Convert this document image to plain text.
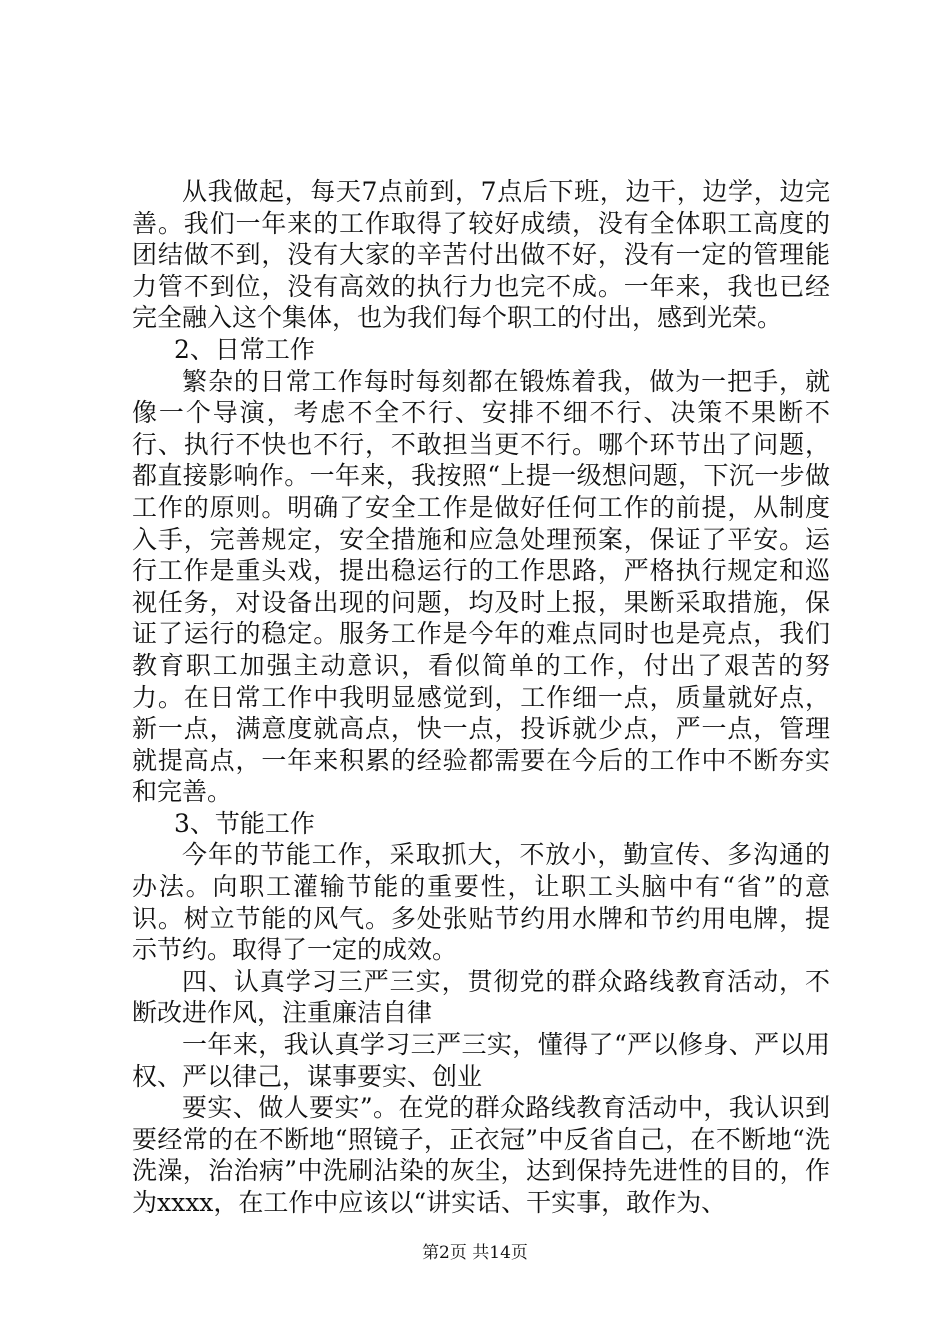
从我做起，每天7点前到，7点后下班，边干，边学，边完善。我们一年来的工作取得了较好成绩，没有全体职工高度的团结做不到，没有大家的辛苦付出做不好，没有一定的管理能力管不到位，没有高效的执行力也完不成。一年来，我也已经完全融入这个集体，也为我们每个职工的付出，感到光荣。

2、日常工作

繁杂的日常工作每时每刻都在锻炼着我，做为一把手，就像一个导演，考虑不全不行、安排不细不行、决策不果断不行、执行不快也不行，不敢担当更不行。哪个环节出了问题，都直接影响作。一年来，我按照“上提一级想问题，下沉一步做工作的原则。明确了安全工作是做好任何工作的前提，从制度入手，完善规定，安全措施和应急处理预案，保证了平安。运行工作是重头戏，提出稳运行的工作思路，严格执行规定和巡视任务，对设备出现的问题，均及时上报，果断采取措施，保证了运行的稳定。服务工作是今年的难点同时也是亮点，我们教育职工加强主动意识，看似简单的工作，付出了艰苦的努力。在日常工作中我明显感觉到，工作细一点，质量就好点，新一点，满意度就高点，快一点，投诉就少点，严一点，管理就提高点，一年来积累的经验都需要在今后的工作中不断夯实和完善。

3、节能工作

今年的节能工作，采取抓大，不放小，勤宣传、多沟通的办法。向职工灌输节能的重要性，让职工头脑中有“省”的意识。树立节能的风气。多处张贴节约用水牌和节约用电牌，提示节约。取得了一定的成效。

四、认真学习三严三实，贯彻党的群众路线教育活动，不断改进作风，注重廉洁自律

一年来，我认真学习三严三实，懂得了“严以修身、严以用权、严以律己，谋事要实、创业

要实、做人要实”。在党的群众路线教育活动中，我认识到要经常的在不断地“照镜子，正衣冠”中反省自己，在不断地“洗洗澡，治治病”中洗刷沾染的灰尘，达到保持先进性的目的，作为xxxx，在工作中应该以“讲实话、干实事，敢作为、

第2页 共14页
